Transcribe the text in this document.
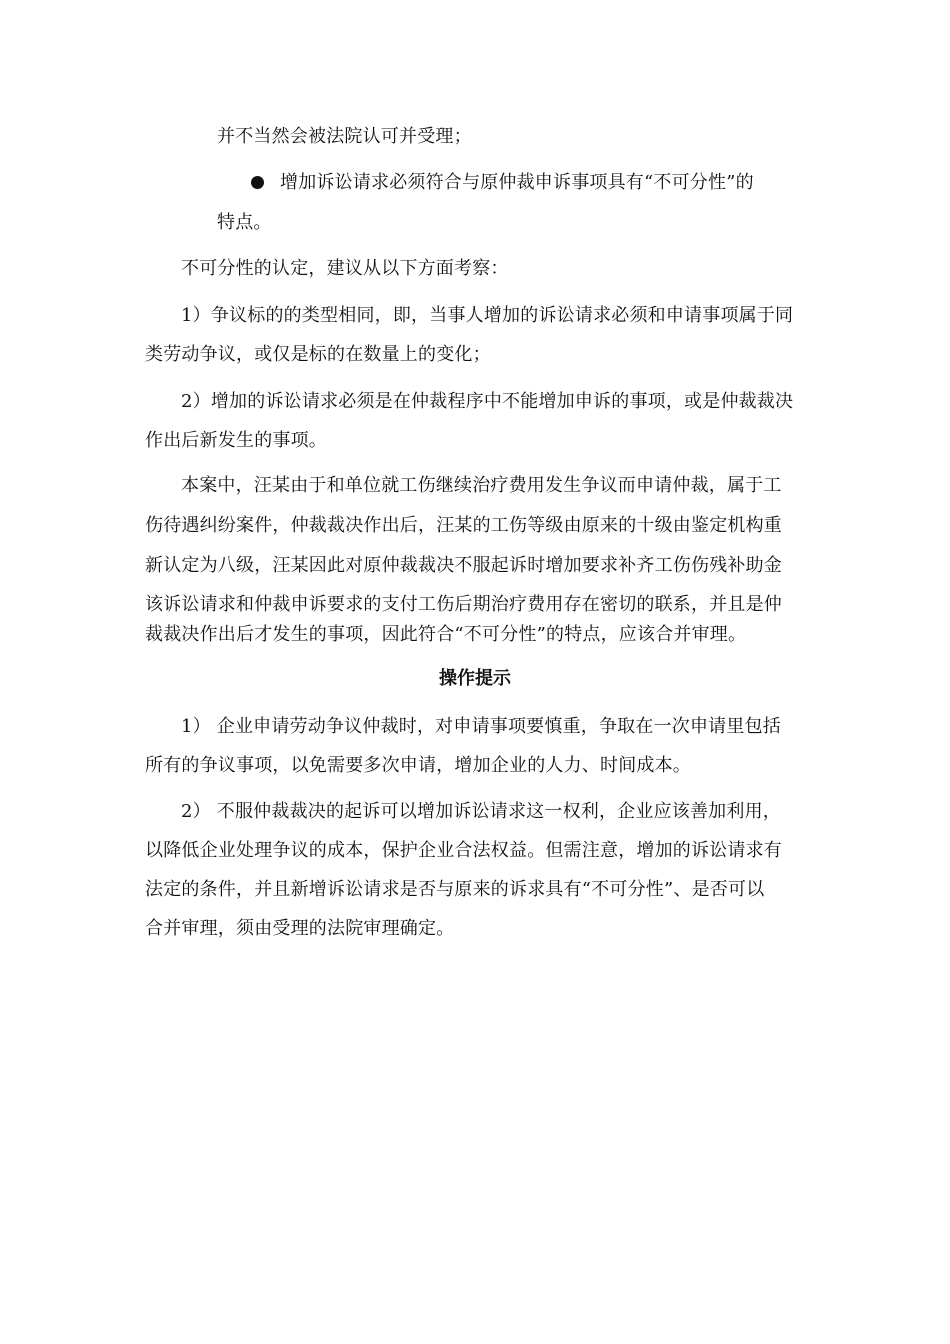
并不当然会被法院认可并受理；
增加诉讼请求必须符合与原仲裁申诉事项具有“不可分性”的
特点。
不可分性的认定，建议从以下方面考察：
1）争议标的的类型相同，即，当事人增加的诉讼请求必须和申请事项属于同
类劳动争议，或仅是标的在数量上的变化；
2）增加的诉讼请求必须是在仲裁程序中不能增加申诉的事项，或是仲裁裁决
作出后新发生的事项。
本案中，汪某由于和单位就工伤继续治疗费用发生争议而申请仲裁，属于工
伤待遇纠纷案件，仲裁裁决作出后，汪某的工伤等级由原来的十级由鉴定机构重
新认定为八级，汪某因此对原仲裁裁决不服起诉时增加要求补齐工伤伤残补助金
该诉讼请求和仲裁申诉要求的支付工伤后期治疗费用存在密切的联系，并且是仲
裁裁决作出后才发生的事项，因此符合“不可分性”的特点，应该合并审理。
操作提示
1） 企业申请劳动争议仲裁时，对申请事项要慎重，争取在一次申请里包括
所有的争议事项，以免需要多次申请，增加企业的人力、时间成本。
2） 不服仲裁裁决的起诉可以增加诉讼请求这一权利，企业应该善加利用，
以降低企业处理争议的成本，保护企业合法权益。但需注意，增加的诉讼请求有
法定的条件，并且新增诉讼请求是否与原来的诉求具有“不可分性”、是否可以
合并审理，须由受理的法院审理确定。
